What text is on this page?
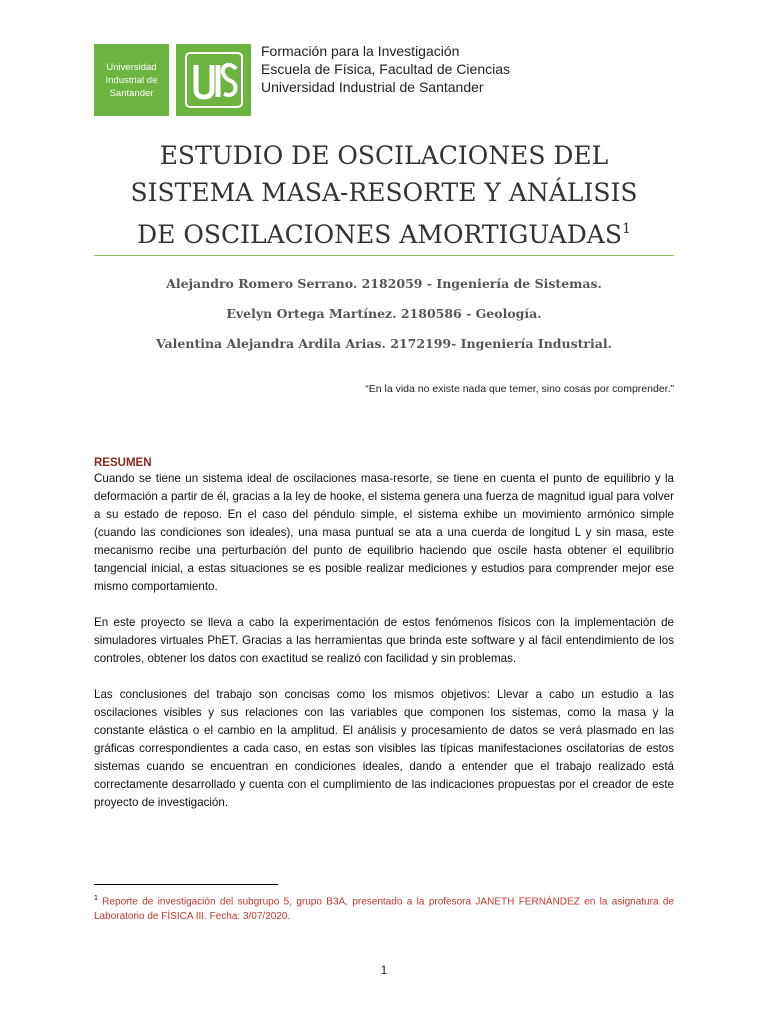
Universidad
Industrial de
Santander
Formación para la Investigación
Escuela de Física, Facultad de Ciencias
Universidad Industrial de Santander
ESTUDIO DE OSCILACIONES DEL
SISTEMA MASA-RESORTE Y ANÁLISIS
DE OSCILACIONES AMORTIGUADAS$^1$
Alejandro Romero Serrano. 2182059 - Ingeniería de Sistemas.
Evelyn Ortega Martínez. 2180586 - Geología.
Valentina Alejandra Ardila Arias. 2172199- Ingeniería Industrial.
“En la vida no existe nada que temer, sino cosas por comprender.”
RESUMEN

Cuando se tiene un sistema ideal de oscilaciones masa-resorte, se tiene en cuenta el punto de equilibrio y la deformación a partir de él, gracias a la ley de hooke, el sistema genera una fuerza de magnitud igual para volver a su estado de reposo. En el caso del péndulo simple, el sistema exhibe un movimiento armónico simple (cuando las condiciones son ideales), una masa puntual se ata a una cuerda de longitud L y sin masa, este mecanismo recibe una perturbación del punto de equilibrio haciendo que oscile hasta obtener el equilibrio tangencial inicial, a estas situaciones se es posible realizar mediciones y estudios para comprender mejor ese mismo comportamiento.

En este proyecto se lleva a cabo la experimentación de estos fenómenos físicos con la implementación de simuladores virtuales PhET. Gracias a las herramientas que brinda este software y al fácil entendimiento de los controles, obtener los datos con exactitud se realizó con facilidad y sin problemas.

Las conclusiones del trabajo son concisas como los mismos objetivos: Llevar a cabo un estudio a las oscilaciones visibles y sus relaciones con las variables que componen los sistemas, como la masa y la constante elástica o el cambio en la amplitud. El análisis y procesamiento de datos se verá plasmado en las gráficas correspondientes a cada caso, en estas son visibles las típicas manifestaciones oscilatorias de estos sistemas cuando se encuentran en condiciones ideales, dando a entender que el trabajo realizado está correctamente desarrollado y cuenta con el cumplimiento de las indicaciones propuestas por el creador de este proyecto de investigación.

$^1$ Reporte de investigación del subgrupo 5, grupo B3A, presentado a la profesora JANETH FERNÁNDEZ en la asignatura de Laboratorio de FÍSICA III. Fecha: 3/07/2020.
1
